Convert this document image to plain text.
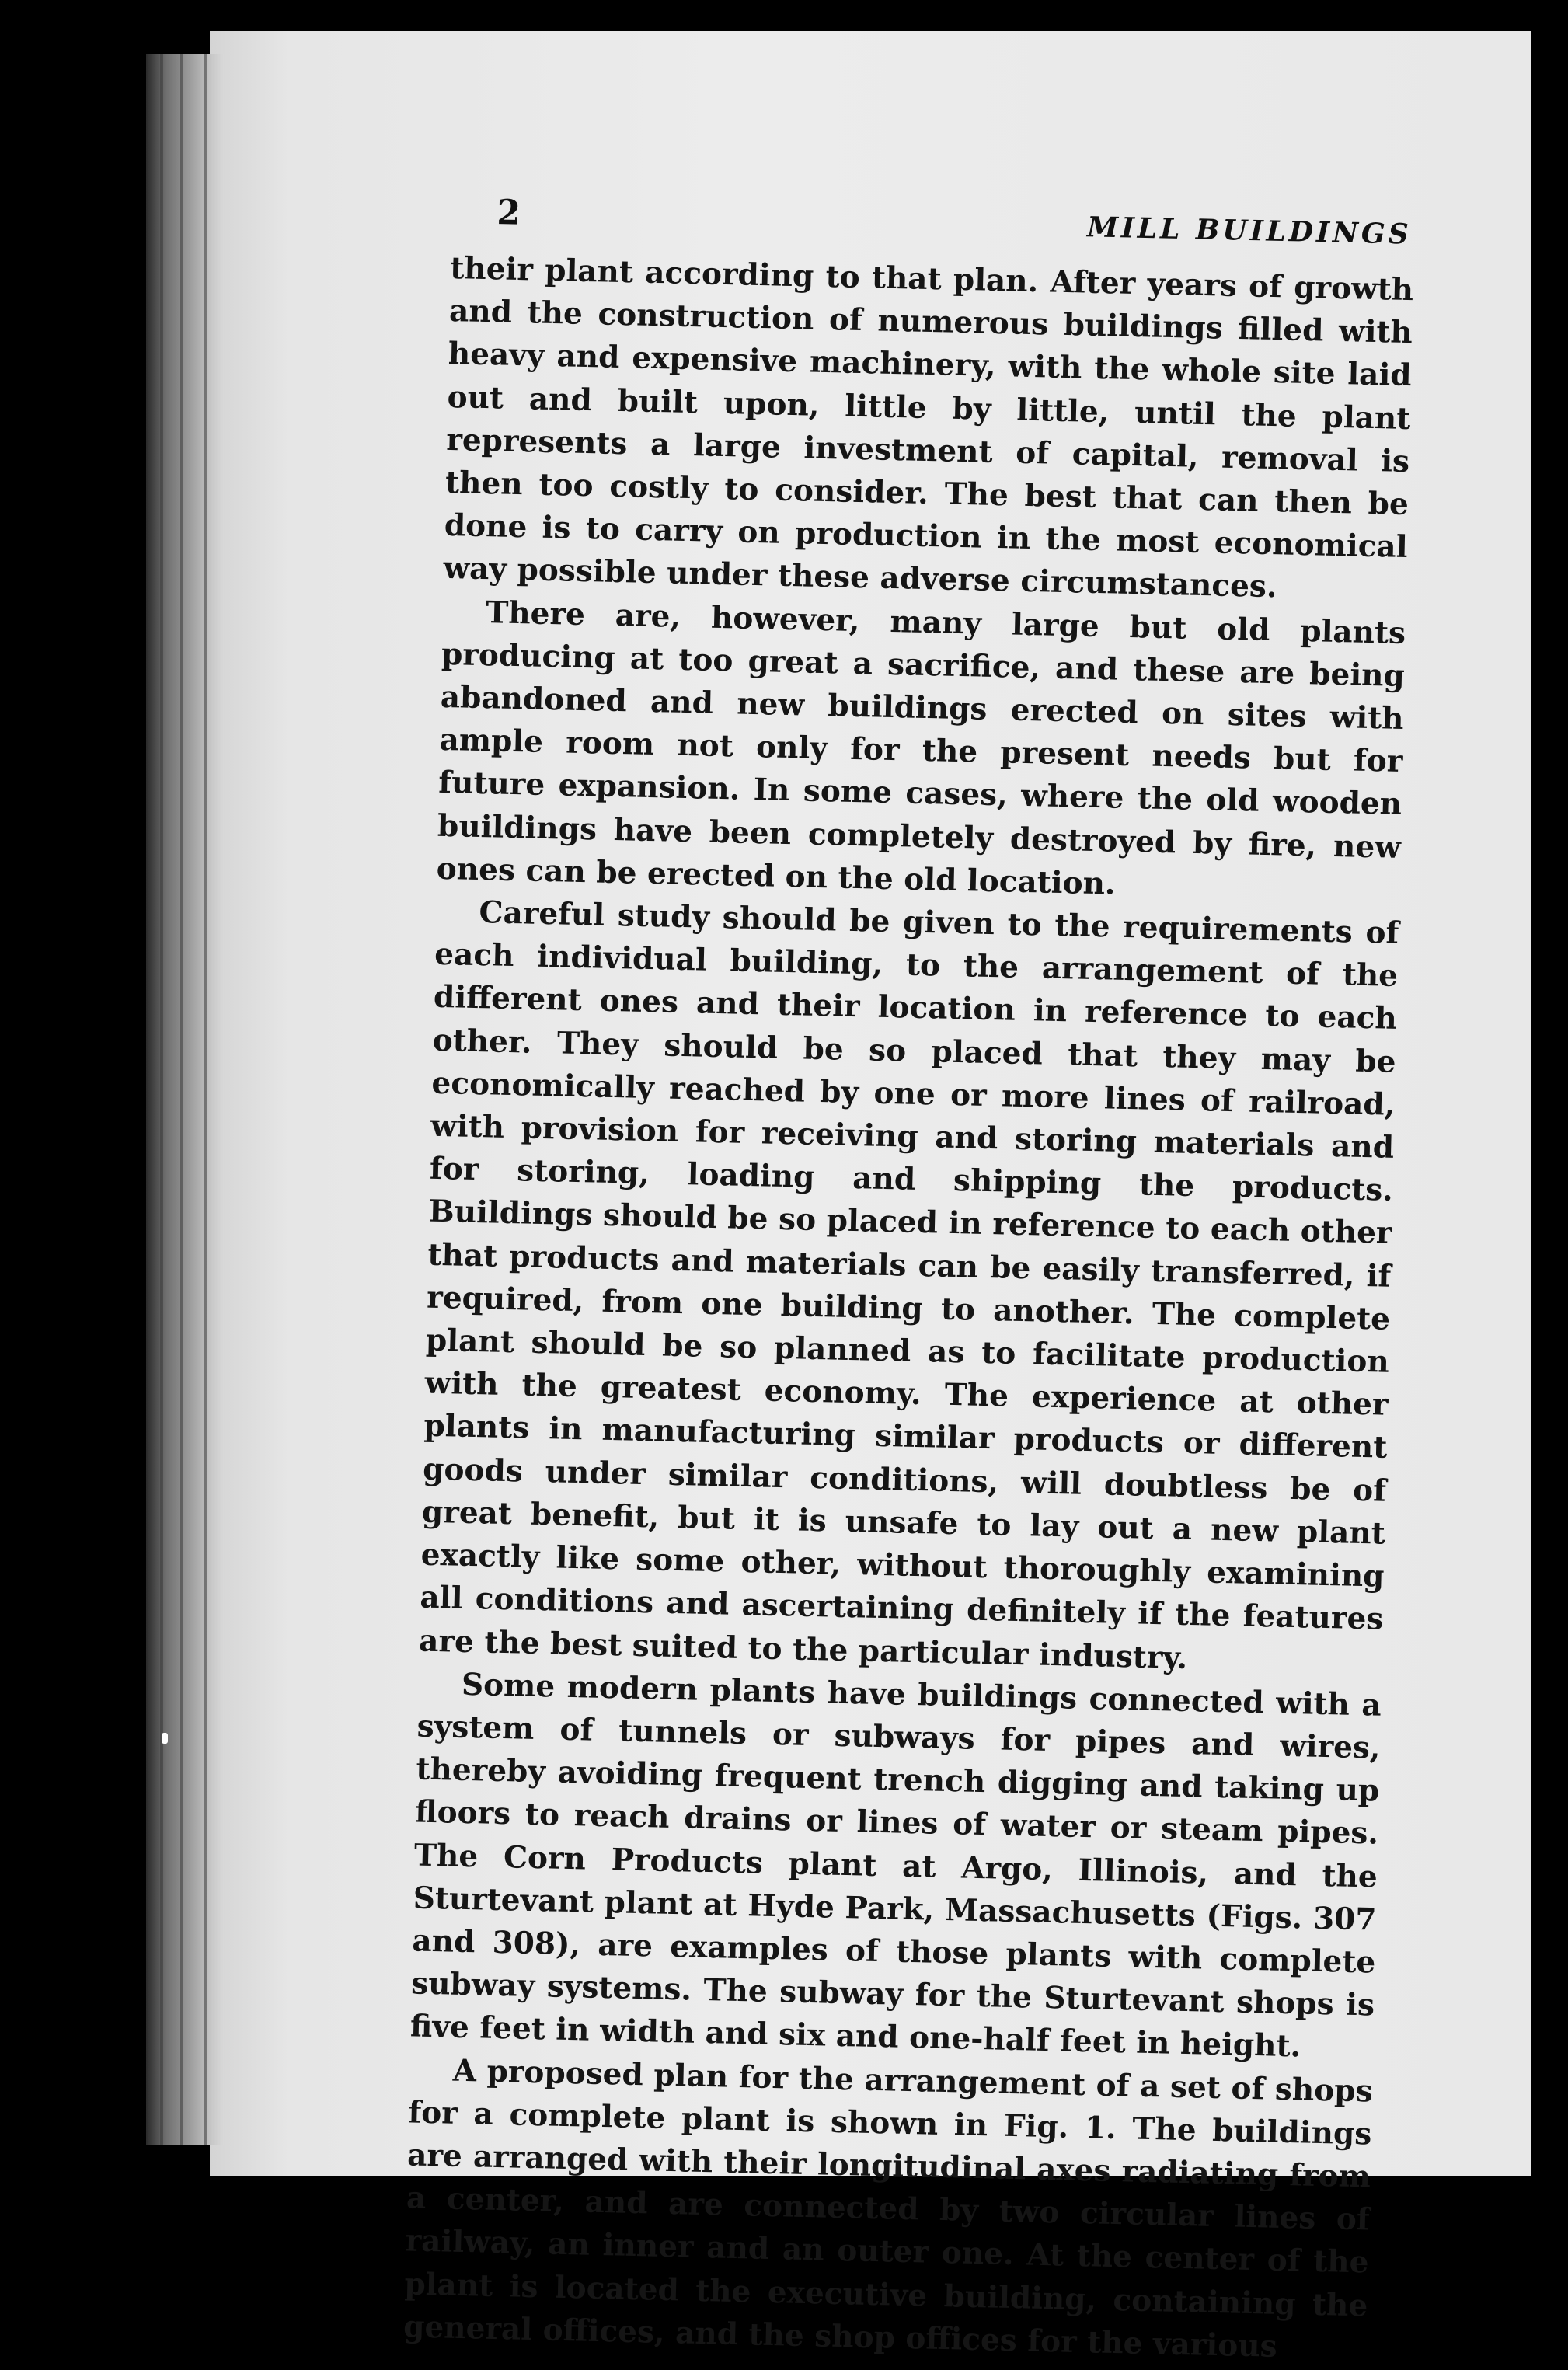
2	MILL BUILDINGS

their plant according to that plan. After years of growth and the construction of numerous buildings filled with heavy and expensive machinery, with the whole site laid out and built upon, little by little, until the plant represents a large investment of capital, removal is then too costly to consider. The best that can then be done is to carry on production in the most economical way possible under these adverse circumstances.

There are, however, many large but old plants producing at too great a sacrifice, and these are being abandoned and new buildings erected on sites with ample room not only for the present needs but for future expansion. In some cases, where the old wooden buildings have been completely destroyed by fire, new ones can be erected on the old location.

Careful study should be given to the requirements of each individual building, to the arrangement of the different ones and their location in reference to each other. They should be so placed that they may be economically reached by one or more lines of railroad, with provision for receiving and storing materials and for storing, loading and shipping the products. Buildings should be so placed in reference to each other that products and materials can be easily transferred, if required, from one building to another. The complete plant should be so planned as to facilitate production with the greatest economy. The experience at other plants in manufacturing similar products or different goods under similar conditions, will doubtless be of great benefit, but it is unsafe to lay out a new plant exactly like some other, without thoroughly examining all conditions and ascertaining definitely if the features are the best suited to the particular industry.

Some modern plants have buildings connected with a system of tunnels or subways for pipes and wires, thereby avoiding frequent trench digging and taking up floors to reach drains or lines of water or steam pipes. The Corn Products plant at Argo, Illinois, and the Sturtevant plant at Hyde Park, Massachusetts (Figs. 307 and 308), are examples of those plants with complete subway systems. The subway for the Sturtevant shops is five feet in width and six and one-half feet in height.

A proposed plan for the arrangement of a set of shops for a complete plant is shown in Fig. 1. The buildings are arranged with their longitudinal axes radiating from a center, and are connected by two circular lines of railway, an inner and an outer one. At the center of the plant is located the executive building, containing the general offices, and the shop offices for the various
